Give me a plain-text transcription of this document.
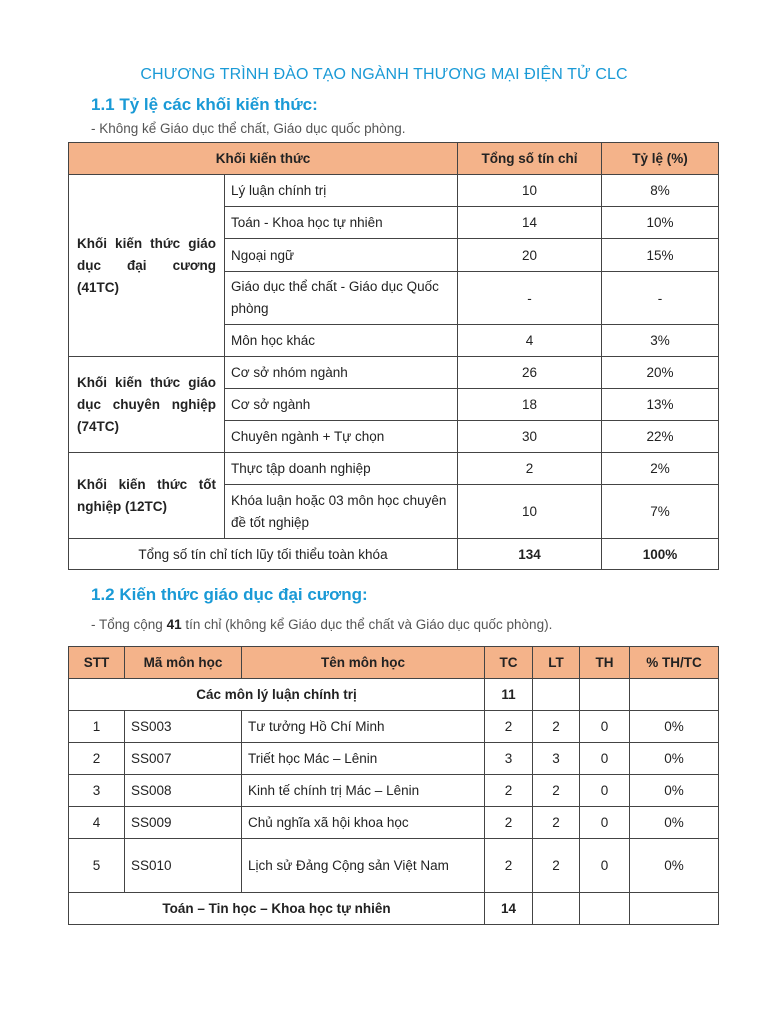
CHƯƠNG TRÌNH ĐÀO TẠO NGÀNH THƯƠNG MẠI ĐIỆN TỬ CLC
1.1 Tỷ lệ các khối kiến thức:
- Không kể Giáo dục thể chất, Giáo dục quốc phòng.
Khối kiến thức		Tổng số tín chỉ	Tỷ lệ (%)
Khối kiến thức giáo dục đại cương (41TC)	Lý luận chính trị	10	8%
	Toán - Khoa học tự nhiên	14	10%
	Ngoại ngữ	20	15%
	Giáo dục thể chất - Giáo dục Quốc phòng	-	-
	Môn học khác	4	3%
Khối kiến thức giáo dục chuyên nghiệp (74TC)	Cơ sở nhóm ngành	26	20%
	Cơ sở ngành	18	13%
	Chuyên ngành + Tự chọn	30	22%
Khối kiến thức tốt nghiệp (12TC)	Thực tập doanh nghiệp	2	2%
	Khóa luận hoặc 03 môn học chuyên đề tốt nghiệp	10	7%
Tổng số tín chỉ tích lũy tối thiểu toàn khóa		134	100%
1.2 Kiến thức giáo dục đại cương:
- Tổng cộng 41 tín chỉ (không kể Giáo dục thể chất và Giáo dục quốc phòng).
STT	Mã môn học	Tên môn học	TC	LT	TH	% TH/TC
Các môn lý luận chính trị			11			
1	SS003	Tư tưởng Hồ Chí Minh	2	2	0	0%
2	SS007	Triết học Mác – Lênin	3	3	0	0%
3	SS008	Kinh tế chính trị Mác – Lênin	2	2	0	0%
4	SS009	Chủ nghĩa xã hội khoa học	2	2	0	0%
5	SS010	Lịch sử Đảng Cộng sản Việt Nam	2	2	0	0%
Toán – Tin học – Khoa học tự nhiên			14			
